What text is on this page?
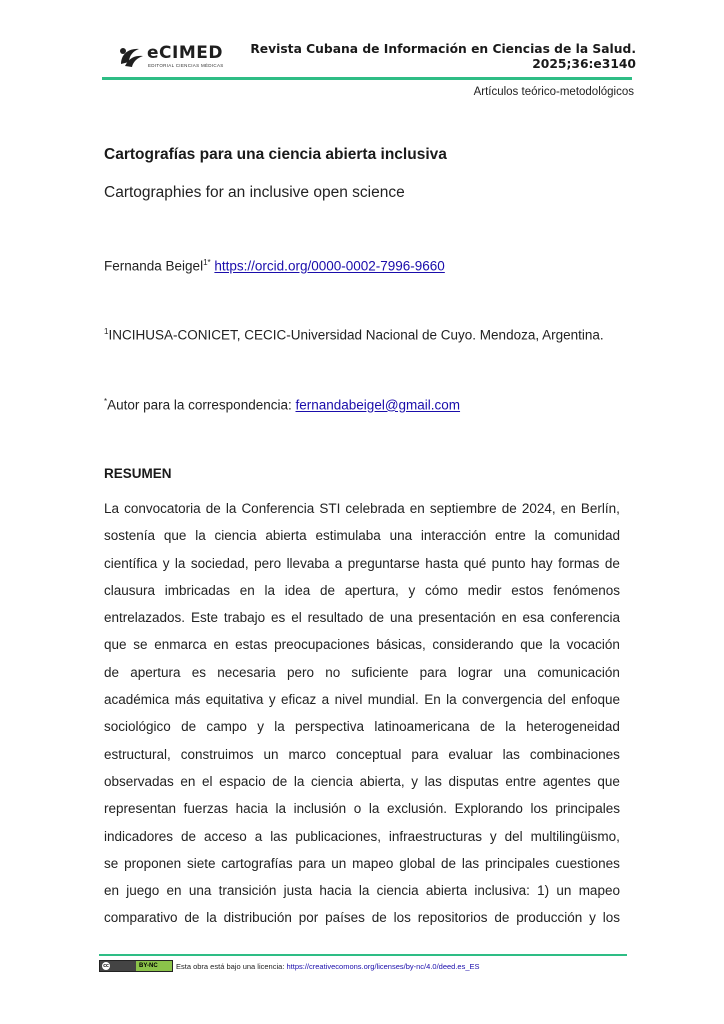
eCIMED
EDITORIAL CIENCIAS MÉDICAS
Revista Cubana de Información en Ciencias de la Salud.
2025;36:e3140
Artículos teórico-metodológicos
Cartografías para una ciencia abierta inclusiva
Cartographies for an inclusive open science
Fernanda Beigel$^{1*}$ https://orcid.org/0000-0002-7996-9660
$^1$INCIHUSA-CONICET, CECIC-Universidad Nacional de Cuyo. Mendoza, Argentina.
*Autor para la correspondencia: fernandabeigel@gmail.com
RESUMEN
La convocatoria de la Conferencia STI celebrada en septiembre de 2024, en Berlín,
sostenía que la ciencia abierta estimulaba una interacción entre la comunidad
científica y la sociedad, pero llevaba a preguntarse hasta qué punto hay formas de
clausura imbricadas en la idea de apertura, y cómo medir estos fenómenos
entrelazados. Este trabajo es el resultado de una presentación en esa conferencia
que se enmarca en estas preocupaciones básicas, considerando que la vocación
de apertura es necesaria pero no suficiente para lograr una comunicación
académica más equitativa y eficaz a nivel mundial. En la convergencia del enfoque
sociológico de campo y la perspectiva latinoamericana de la heterogeneidad
estructural, construimos un marco conceptual para evaluar las combinaciones
observadas en el espacio de la ciencia abierta, y las disputas entre agentes que
representan fuerzas hacia la inclusión o la exclusión. Explorando los principales
indicadores de acceso a las publicaciones, infraestructuras y del multilingüismo,
se proponen siete cartografías para un mapeo global de las principales cuestiones
en juego en una transición justa hacia la ciencia abierta inclusiva: 1) un mapeo
comparativo de la distribución por países de los repositorios de producción y los
cc	BY-NC Esta obra está bajo una licencia: https://creativecomons.org/licenses/by-nc/4.0/deed.es_ES
